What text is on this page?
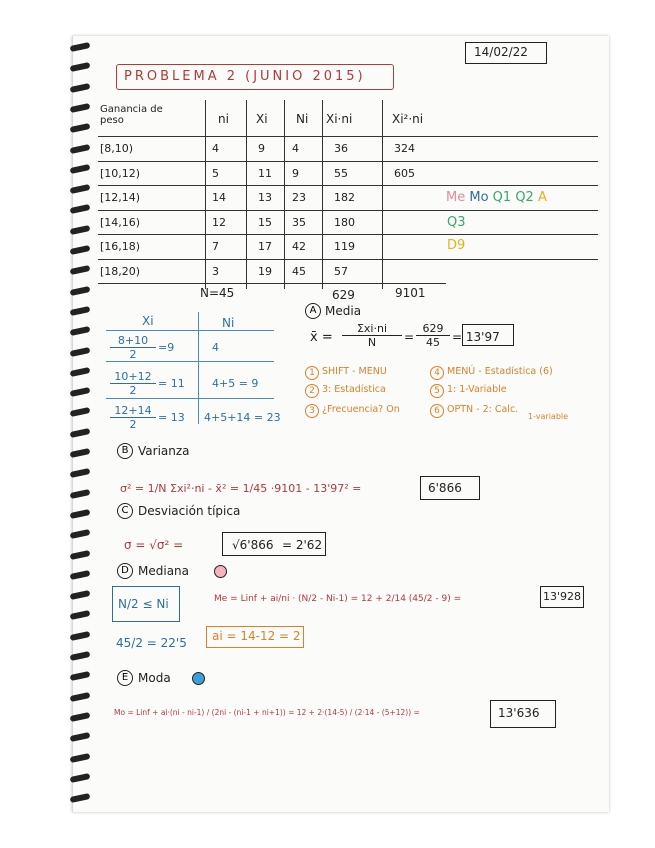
14/02/22
PROBLEMA 2 (JUNIO 2015)
Ganancia de peso	ni Xi Ni Xi·ni	Xi²·ni
[8,10)	4	9 4	36	324
[10,12)	5	11 9	55	605
[12,14)	14	13 23	182
[14,16)	12	15 35	180
[16,18)	7	17 42	119
[18,20)	3	19 45	57
Me Mo Q1 Q2 A
Q3
D9
N=45	629	9101
Xi	Ni
$\frac{8+10}{2} =9$	4
$\frac{10+12}{2} = 11$ 4+5 = 9
$\frac{12+14}{2} = 13$ 4+5+14 = 23
A Media
x̄ =
Σxi·ni
N	= $\frac{629}{45} = 13'97$
1 SHIFT - MENU
2 3: Estadística
3 ¿Frecuencia? On
4 MENÚ - Estadística (6)
5 1: 1-Variable
6 OPTN - 2: Calc.
1-variable
B Varianza
σ² = 1/N Σxi²·ni - x̄² = 1/45 ·9101 - 13'97² =	6'866
C Desviación típica
σ = √σ² =	√6'866 = 2'62
D Mediana
N/2 ≤ Ni
45/2 = 22'5 ai = 14-12 = 2
Me = Linf + ai/ni · (N/2 - Ni-1) = 12 + 2/14 (45/2 - 9) =	13'928
E Moda
Mo = Linf + ai·(ni - ni-1) / (2ni - (ni-1 + ni+1)) = 12 + 2·(14-5) / (2·14 - (5+12)) =	13'636
